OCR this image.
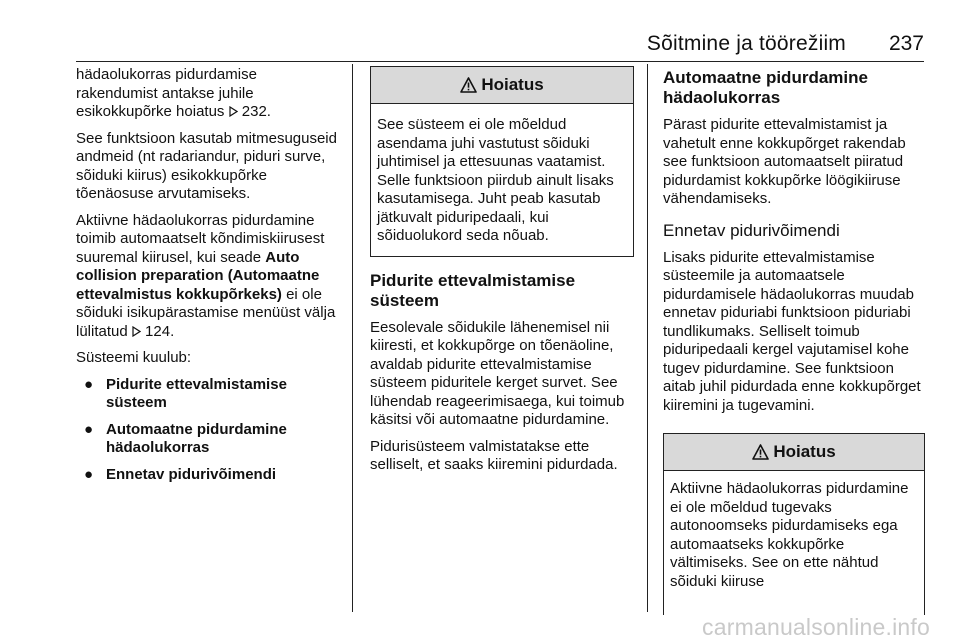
Sõitmine ja töörežiim 237

hädaolukorras pidurdamise rakendumist antakse juhile esikokkupõrke hoiatus 232.

See funktsioon kasutab mitmesuguseid andmeid (nt radariandur, piduri surve, sõiduki kiirus) esikokkupõrke tõenäosuse arvutamiseks.

Aktiivne hädaolukorras pidurdamine toimib automaatselt kõndimiskiirusest suuremal kiirusel, kui seade Auto collision preparation (Automaatne ettevalmistus kokkupõrkeks) ei ole sõiduki isikupärastamise menüüst välja lülitatud 124.

Süsteemi kuulub:

● Pidurite ettevalmistamise süsteem
● Automaatne pidurdamine hädaolukorras
● Ennetav pidurivõimendi
Hoiatus
See süsteem ei ole mõeldud asendama juhi vastutust sõiduki juhtimisel ja ettesuunas vaatamist. Selle funktsioon piirdub ainult lisaks kasutamisega. Juht peab kasutab jätkuvalt piduripedaali, kui sõiduolukord seda nõuab.
Pidurite ettevalmistamise süsteem

Eesolevale sõidukile lähenemisel nii kiiresti, et kokkupõrge on tõenäoline, avaldab pidurite ettevalmistamise süsteem piduritele kerget survet. See lühendab reageerimisaega, kui toimub käsitsi või automaatne pidurdamine.

Pidurisüsteem valmistatakse ette selliselt, et saaks kiiremini pidurdada.

Automaatne pidurdamine hädaolukorras

Pärast pidurite ettevalmistamist ja vahetult enne kokkupõrget rakendab see funktsioon automaatselt piiratud pidurdamist kokkupõrke löögikiiruse vähendamiseks.

Ennetav pidurivõimendi

Lisaks pidurite ettevalmistamise süsteemile ja automaatsele pidurdamisele hädaolukorras muudab ennetav piduriabi funktsioon piduriabi tundlikumaks. Selliselt toimub piduripedaali kergel vajutamisel kohe tugev pidurdamine. See funktsioon aitab juhil pidurdada enne kokkupõrget kiiremini ja tugevamini.

Hoiatus
Aktiivne hädaolukorras pidurdamine ei ole mõeldud tugevaks autonoomseks pidurdamiseks ega automaatseks kokkupõrke vältimiseks. See on ette nähtud sõiduki kiiruse
carmanualsonline.info
